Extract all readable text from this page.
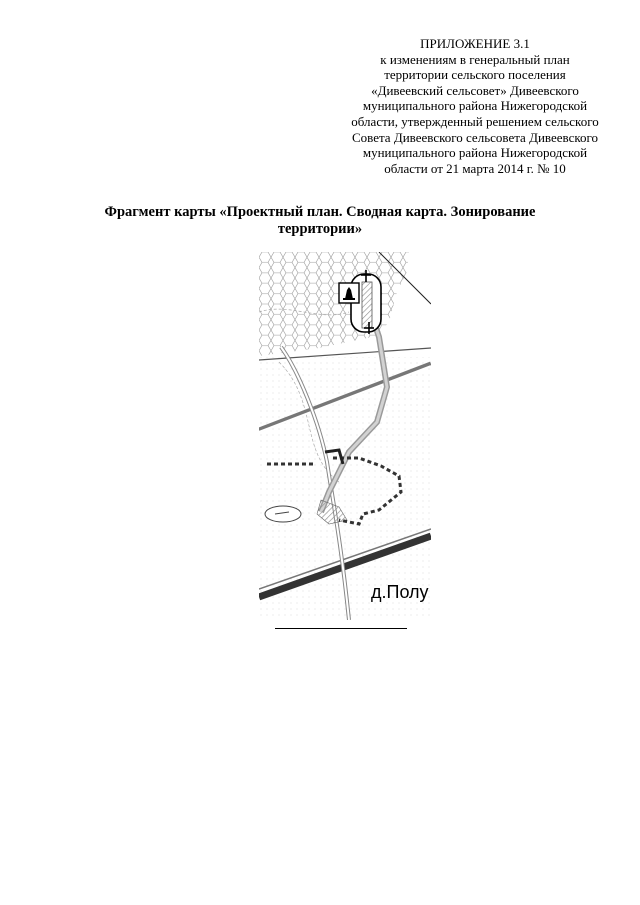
ПРИЛОЖЕНИЕ 3.1
к изменениям в генеральный план
территории сельского поселения
«Дивеевский сельсовет» Дивеевского
муниципального района Нижегородской
области, утвержденный решением сельского
Совета Дивеевского сельсовета Дивеевского
муниципального района Нижегородской
области от 21 марта 2014 г. № 10
Фрагмент карты «Проектный план. Сводная карта. Зонирование
территории»
д.Полу
